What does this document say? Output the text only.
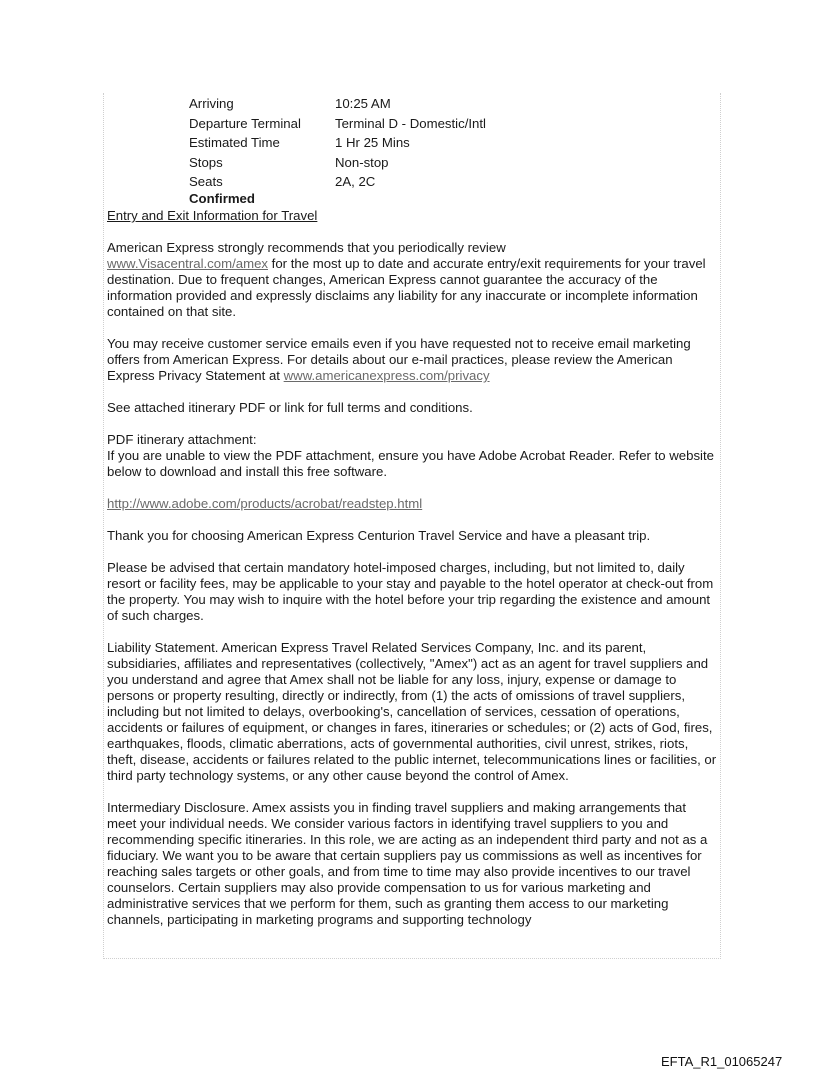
Arriving	10:25 AM
Departure Terminal	Terminal D - Domestic/Intl
Estimated Time	1 Hr 25 Mins
Stops	Non-stop
Seats	2A, 2C
Confirmed

Entry and Exit Information for Travel

American Express strongly recommends that you periodically review
www.Visacentral.com/amex for the most up to date and accurate entry/exit requirements for your travel destination. Due to frequent changes, American Express cannot guarantee the accuracy of the information provided and expressly disclaims any liability for any inaccurate or incomplete information contained on that site.

You may receive customer service emails even if you have requested not to receive email marketing offers from American Express. For details about our e-mail practices, please review the American Express Privacy Statement at www.americanexpress.com/privacy

See attached itinerary PDF or link for full terms and conditions.

PDF itinerary attachment:
If you are unable to view the PDF attachment, ensure you have Adobe Acrobat Reader. Refer to website below to download and install this free software.

http://www.adobe.com/products/acrobat/readstep.html

Thank you for choosing American Express Centurion Travel Service and have a pleasant trip.

Please be advised that certain mandatory hotel-imposed charges, including, but not limited to, daily resort or facility fees, may be applicable to your stay and payable to the hotel operator at check-out from the property. You may wish to inquire with the hotel before your trip regarding the existence and amount of such charges.

Liability Statement. American Express Travel Related Services Company, Inc. and its parent, subsidiaries, affiliates and representatives (collectively, "Amex") act as an agent for travel suppliers and you understand and agree that Amex shall not be liable for any loss, injury, expense or damage to persons or property resulting, directly or indirectly, from (1) the acts of omissions of travel suppliers, including but not limited to delays, overbooking's, cancellation of services, cessation of operations, accidents or failures of equipment, or changes in fares, itineraries or schedules; or (2) acts of God, fires, earthquakes, floods, climatic aberrations, acts of governmental authorities, civil unrest, strikes, riots, theft, disease, accidents or failures related to the public internet, telecommunications lines or facilities, or third party technology systems, or any other cause beyond the control of Amex.

Intermediary Disclosure. Amex assists you in finding travel suppliers and making arrangements that meet your individual needs. We consider various factors in identifying travel suppliers to you and recommending specific itineraries. In this role, we are acting as an independent third party and not as a fiduciary. We want you to be aware that certain suppliers pay us commissions as well as incentives for reaching sales targets or other goals, and from time to time may also provide incentives to our travel counselors. Certain suppliers may also provide compensation to us for various marketing and administrative services that we perform for them, such as granting them access to our marketing channels, participating in marketing programs and supporting technology

EFTA_R1_01065247
